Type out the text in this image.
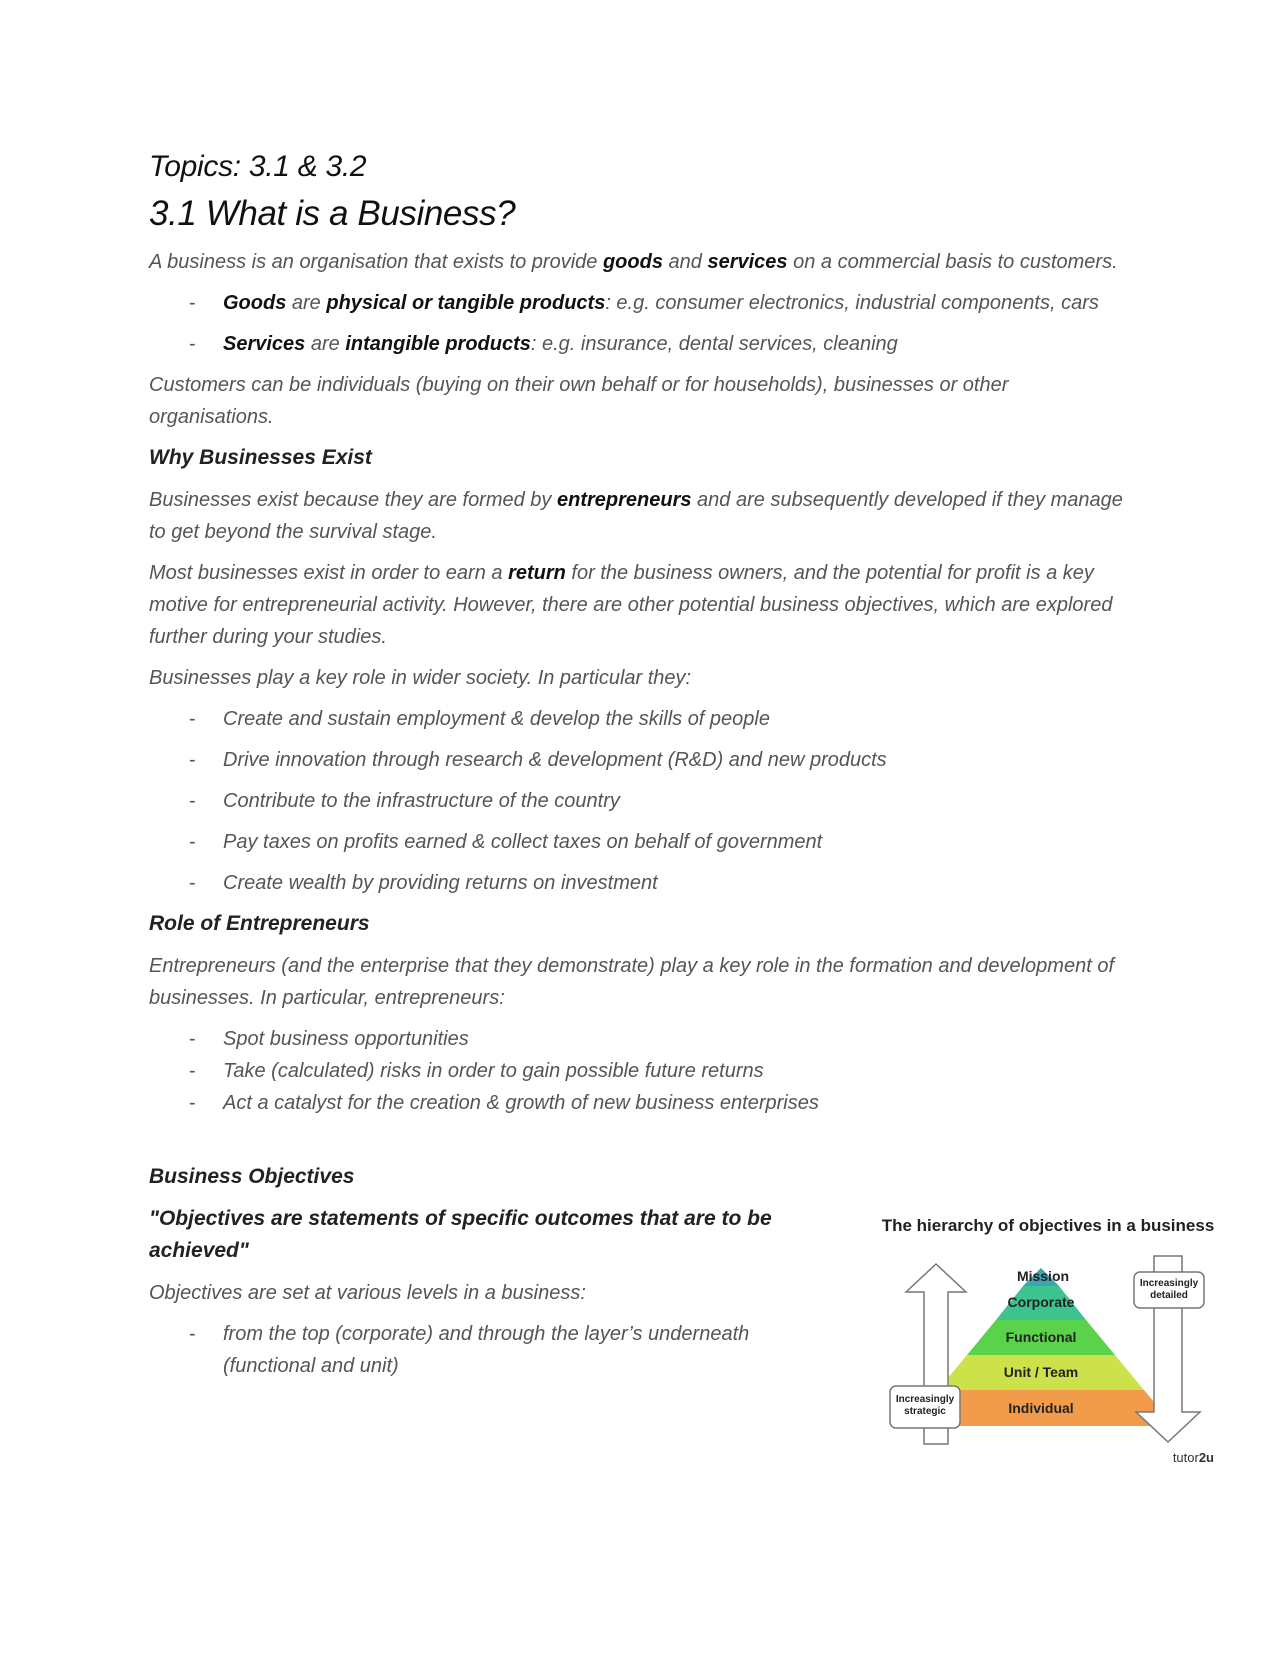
Topics: 3.1 & 3.2
3.1 What is a Business?

A business is an organisation that exists to provide goods and services on a commercial basis to customers.

- Goods are physical or tangible products: e.g. consumer electronics, industrial components, cars
- Services are intangible products: e.g. insurance, dental services, cleaning

Customers can be individuals (buying on their own behalf or for households), businesses or other organisations.

Why Businesses Exist

Businesses exist because they are formed by entrepreneurs and are subsequently developed if they manage to get beyond the survival stage.

Most businesses exist in order to earn a return for the business owners, and the potential for profit is a key motive for entrepreneurial activity. However, there are other potential business objectives, which are explored further during your studies.

Businesses play a key role in wider society. In particular they:

- Create and sustain employment & develop the skills of people
- Drive innovation through research & development (R&D) and new products
- Contribute to the infrastructure of the country
- Pay taxes on profits earned & collect taxes on behalf of government
- Create wealth by providing returns on investment
Role of Entrepreneurs

Entrepreneurs (and the enterprise that they demonstrate) play a key role in the formation and development of businesses. In particular, entrepreneurs:

- Spot business opportunities
- Take (calculated) risks in order to gain possible future returns
- Act a catalyst for the creation & growth of new business enterprises
Business Objectives
"Objectives are statements of specific outcomes that are to be achieved"

Objectives are set at various levels in a business:

- from the top (corporate) and through the layer’s underneath (functional and unit)
The hierarchy of objectives in a business
Mission
Corporate
Functional
Unit / Team
Individual
Increasingly strategic
Increasingly detailed
tutor2u
